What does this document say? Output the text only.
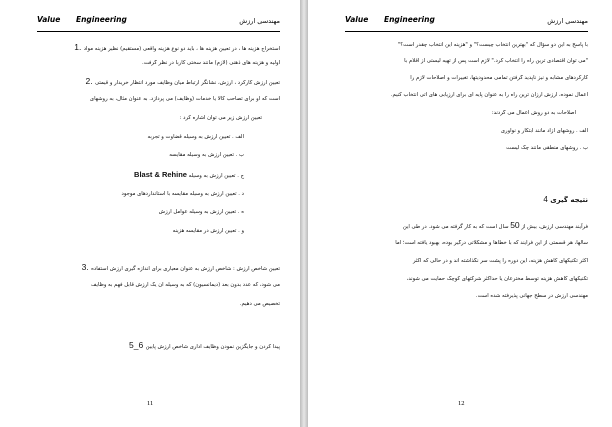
Value      Engineering	مهندسی ارزش
استخراج هزینه ها ، در تعیین هزینه ها ، باید دو نوع هزینه واقعی (مستقیم) نظیر هزینه مواد .1
اولیه و هزینه های ذهنی (لازم) مانند سختی کاربا در نظر گرفت.
تعیین ارزش کارکرد ، ارزش، نشانگر ارتباط میان وظایف مورد انتظار خریدار و قیمتی .2
است که او برای تصاحب کالا یا خدمات (وظایف) می پردازد. به عنوان مثال، به روشهای
تعیین ارزش زیر می توان اشاره کرد :
الف . تعیین ارزش به وسیله قضاوت و تجربه
ب . تعیین ارزش به وسیله مقایسه
ج . تعیین ارزش به وسیله Blast & Rehine
د . تعیین ارزش به وسیله مقایسه با استانداردهای موجود
ه . تعیین ارزش به وسیله عوامل ارزش
و . تعیین ارزش در مقایسه هزینه
تعیین شاخص ارزش : شاخص ارزش به عنوان معیاری برای اندازه گیری ارزش استفاده .3
می شود، که عدد بدون بعد (دیمانسیون) که به وسیله آن یک ارزش قابل فهم به وظایف
تخصیص می دهیم.
پیدا کردن و جایگزین نمودن وظایف اداری شاخص ارزش پایین 6_5
11
Value      Engineering	مهندسی ارزش
با پاسخ به این دو سؤال که "بهترین انتخاب چیست؟" و "هزینه این انتخاب چقدر است؟"
"می توان اقتصادی ترین راه را انتخاب کرد." لازم است پس از تهیه لیستی از اقلام با
کارکردهای مشابه و نیز ناپدید گرفتن تمامی محدودیتها، تغییرات و اصلاحات لازم را
اعمال نموده، ارزش ارزان ترین راه را به عنوان پایه ای برای ارزیابی های آتی انتخاب کنیم.
اصلاحات به دو روش اعمال می گردند:
الف . روشهای آزاد مانند ابتکار و نوآوری
ب . روشهای منطقی مانند چک لیست
نتیجه گیری 4
فرآیند مهندسی ارزش، بیش از 50 سال است که به کار گرفته می شود. در طی این
سالها، هر قسمتی از این فرآیند که با خطاها و مشکلاتی درگیر بوده، بهبود یافته است؛ اما
اکثر تکنیکهای کاهش هزینه، این دوره را پشت سر نگذاشته اند و در حالی که اکثر
تکنیکهای کاهش هزینه توسط مخترعان یا حداکثر شرکتهای کوچک حمایت می شوند،
مهندسی ارزش در سطح جهانی پذیرفته شده است.
12
